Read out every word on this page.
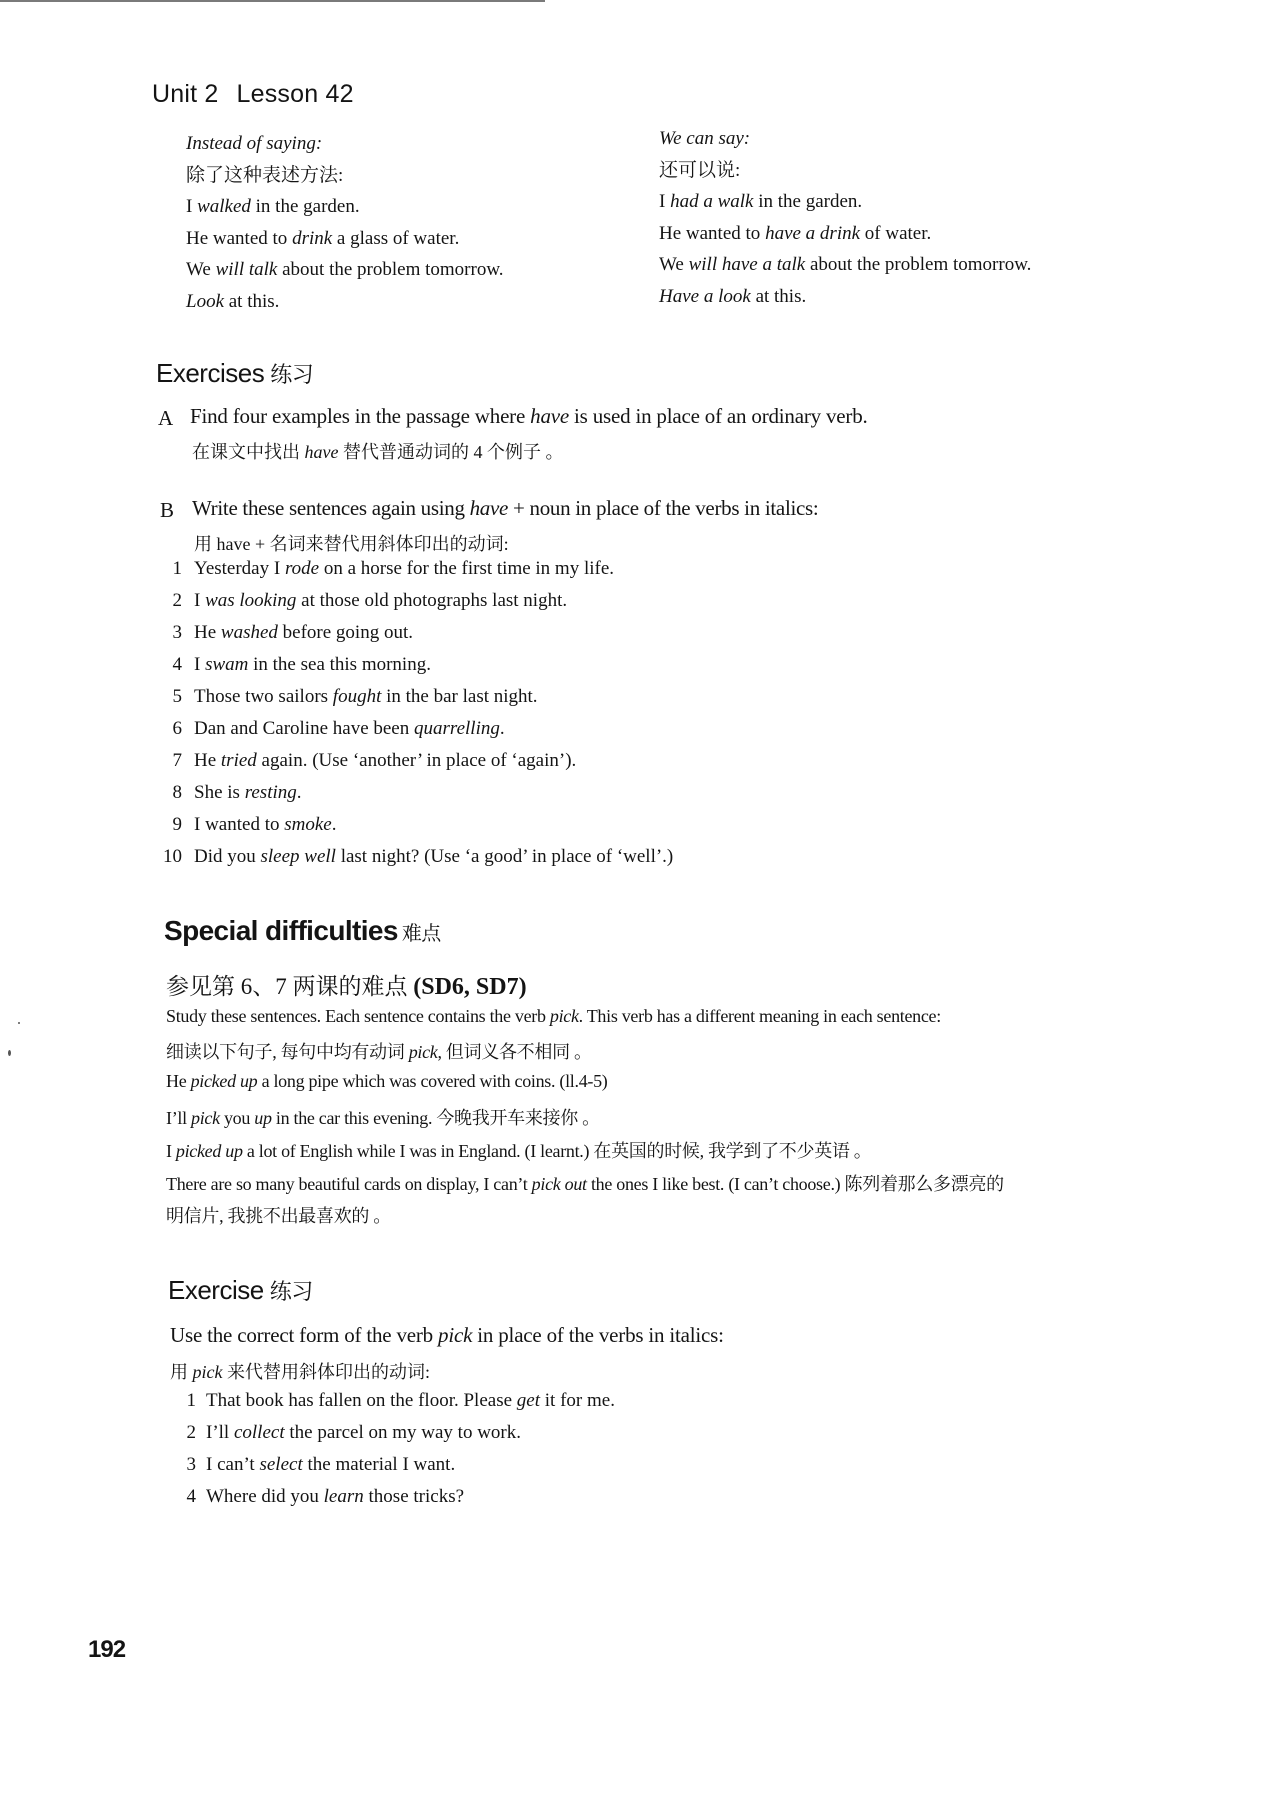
Unit 2 Lesson 42
Instead of saying:
除了这种表述方法:
I walked in the garden.
He wanted to drink a glass of water.
We will talk about the problem tomorrow.
Look at this.
We can say:
还可以说:
I had a walk in the garden.
He wanted to have a drink of water.
We will have a talk about the problem tomorrow.
Have a look at this.
Exercises 练习
A Find four examples in the passage where have is used in place of an ordinary verb.
在课文中找出 have 替代普通动词的 4 个例子 。
B Write these sentences again using have + noun in place of the verbs in italics:
用 have + 名词来替代用斜体印出的动词:
1 Yesterday I rode on a horse for the first time in my life.
2 I was looking at those old photographs last night.
3 He washed before going out.
4 I swam in the sea this morning.
5 Those two sailors fought in the bar last night.
6 Dan and Caroline have been quarrelling.
7 He tried again. (Use ‘another’ in place of ‘again’).
8 She is resting.
9 I wanted to smoke.
10 Did you sleep well last night? (Use ‘a good’ in place of ‘well’.)
Special difficulties 难点
参见第 6、7 两课的难点 (SD6, SD7)
Study these sentences. Each sentence contains the verb pick. This verb has a different meaning in each sentence:
细读以下句子, 每句中均有动词 pick, 但词义各不相同 。
He picked up a long pipe which was covered with coins. (ll.4-5)
I’ll pick you up in the car this evening. 今晚我开车来接你 。
I picked up a lot of English while I was in England. (I learnt.) 在英国的时候, 我学到了不少英语 。
There are so many beautiful cards on display, I can’t pick out the ones I like best. (I can’t choose.) 陈列着那么多漂亮的
明信片, 我挑不出最喜欢的 。
Exercise 练习
Use the correct form of the verb pick in place of the verbs in italics:
用 pick 来代替用斜体印出的动词:
1 That book has fallen on the floor. Please get it for me.
2 I’ll collect the parcel on my way to work.
3 I can’t select the material I want.
4 Where did you learn those tricks?
192
